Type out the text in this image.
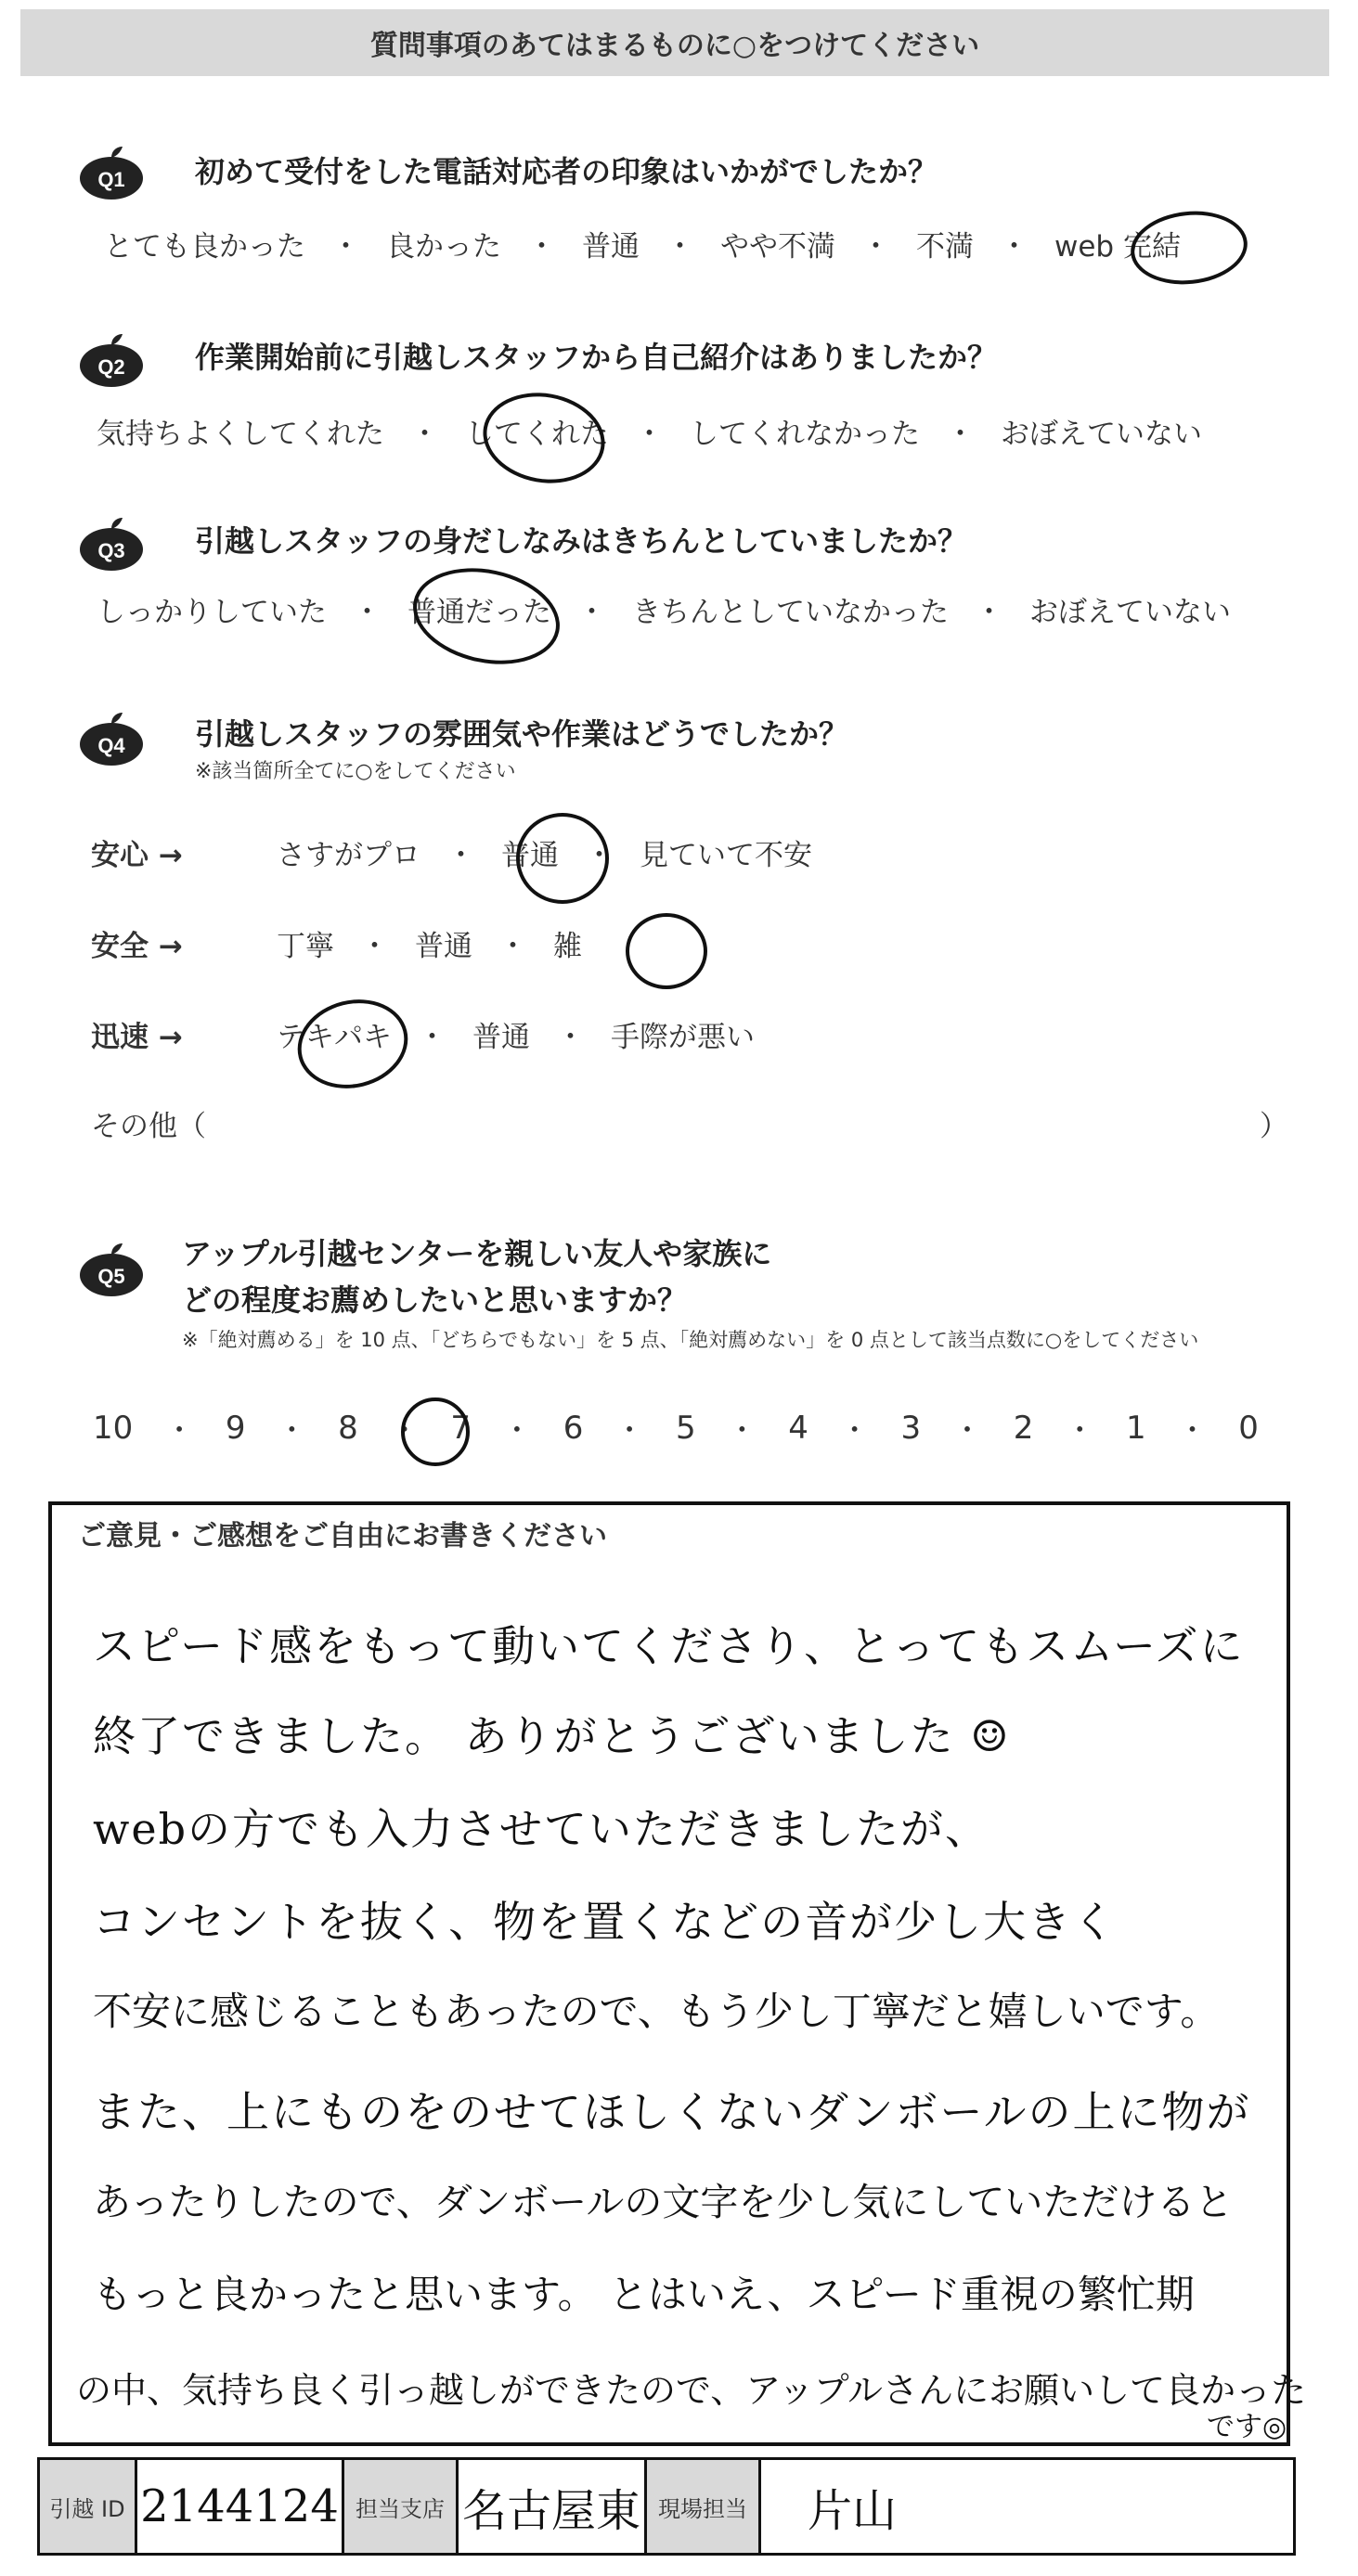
質問事項のあてはまるものに○をつけてください
Q1 初めて受付をした電話対応者の印象はいかがでしたか？
とても良かった ・ 良かった ・ 普通 ・ やや不満 ・ 不満 ・ web 完結
Q2 作業開始前に引越しスタッフから自己紹介はありましたか？
気持ちよくしてくれた ・ してくれた ・ してくれなかった ・ おぼえていない
Q3 引越しスタッフの身だしなみはきちんとしていましたか？
しっかりしていた ・ 普通だった ・ きちんとしていなかった ・ おぼえていない
Q4 引越しスタッフの雰囲気や作業はどうでしたか？
※該当箇所全てに○をしてください
安心 →	さすがプロ ・ 普通 ・ 見ていて不安
安全 →	丁寧 ・ 普通 ・ 雑
迅速 →	テキパキ ・ 普通 ・ 手際が悪い
その他（	）
Q5
アップル引越センターを親しい友人や家族に
どの程度お薦めしたいと思いますか？
※「絶対薦める」を 10 点、「どちらでもない」を 5 点、「絶対薦めない」を 0 点として該当点数に○をしてください
10 ・ 9 ・ 8 ・ 7 ・ 6 ・ 5 ・ 4 ・ 3 ・ 2 ・ 1 ・ 0
ご意見・ご感想をご自由にお書きください
スピード感をもって動いてくださり、とってもスムーズに
終了できました。 ありがとうございました ☺
webの方でも入力させていただきましたが、
コンセントを抜く、物を置くなどの音が少し大きく
不安に感じることもあったので、もう少し丁寧だと嬉しいです。
また、上にものをのせてほしくないダンボールの上に物が
あったりしたので、ダンボールの文字を少し気にしていただけると
もっと良かったと思います。 とはいえ、スピード重視の繁忙期
の中、気持ち良く引っ越しができたので、アップルさんにお願いして良かった
です◎
引越 ID 2144124 担当支店 名古屋東 現場担当	片山
